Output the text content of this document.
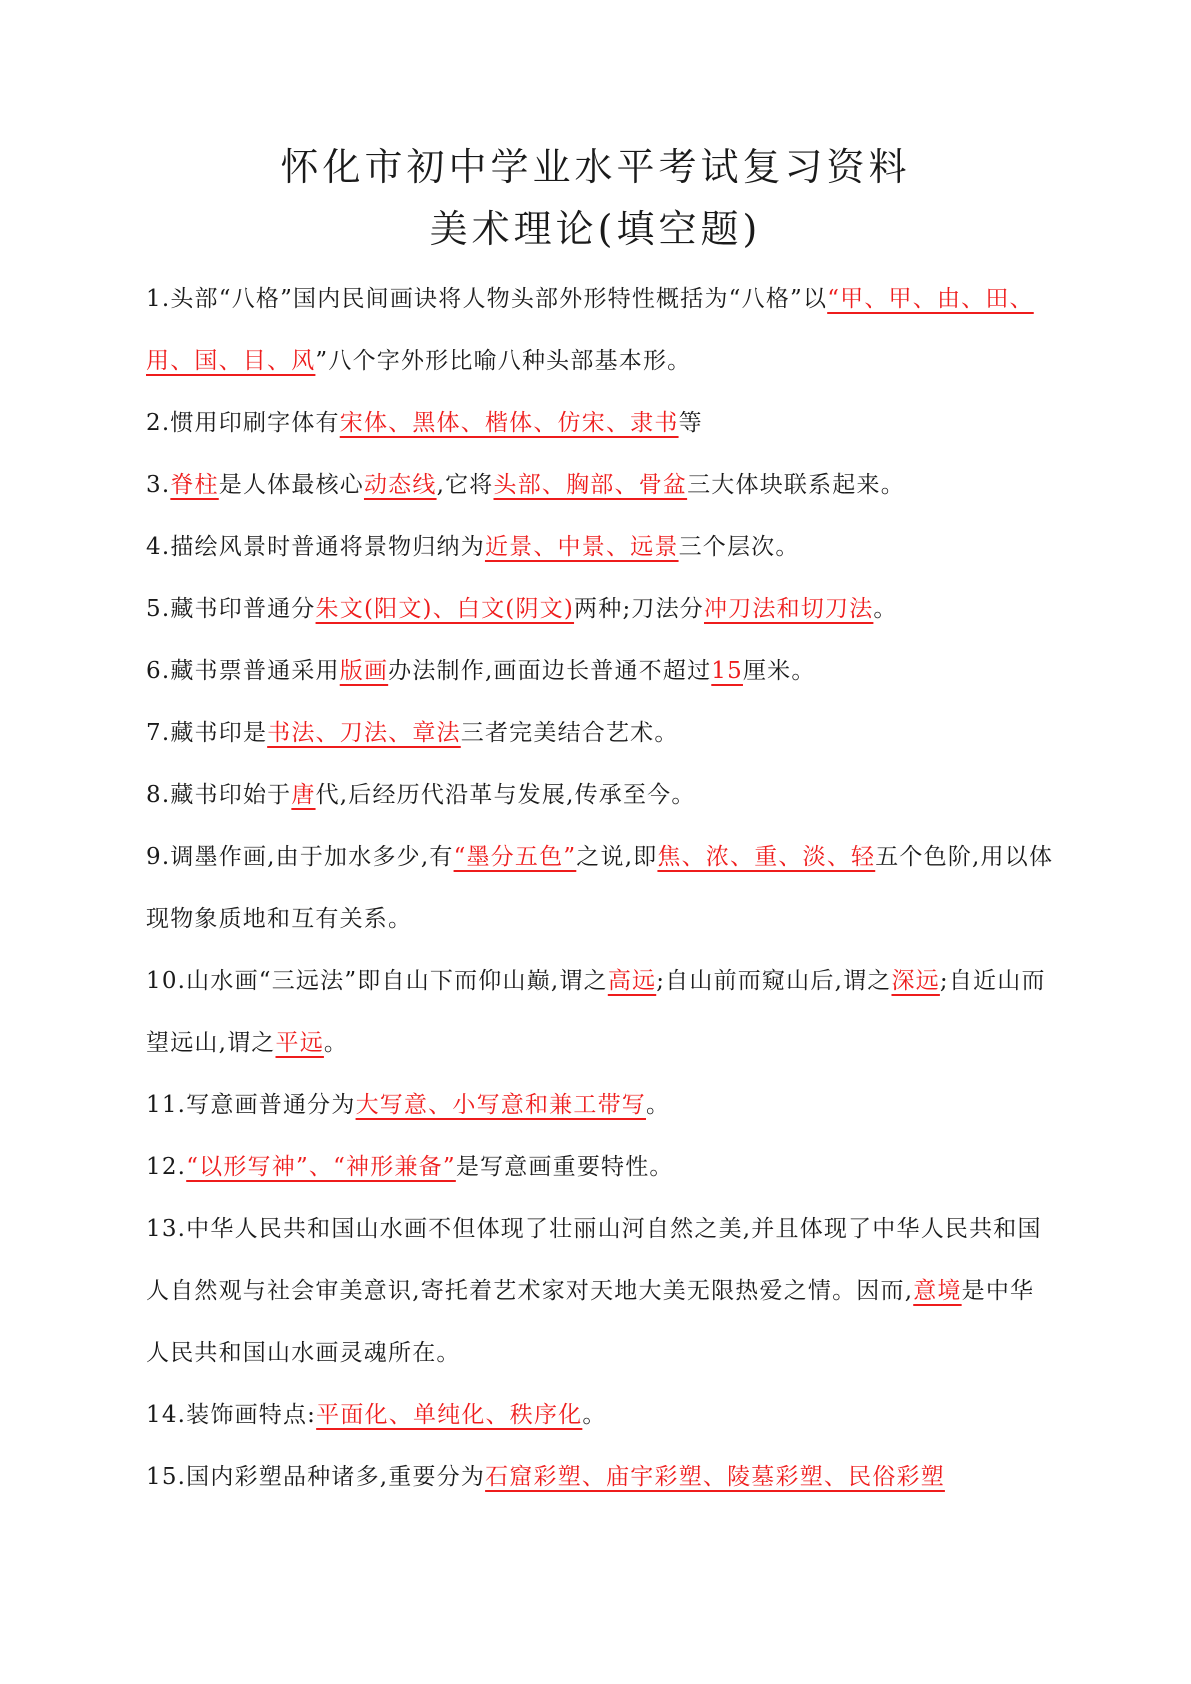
怀化市初中学业水平考试复习资料
美术理论(填空题)

1.头部“八格”国内民间画诀将人物头部外形特性概括为“八格”以“甲、甲、由、田、用、国、目、风”八个字外形比喻八种头部基本形。

2.惯用印刷字体有宋体、黑体、楷体、仿宋、隶书等

3.脊柱是人体最核心动态线,它将头部、胸部、骨盆三大体块联系起来。

4.描绘风景时普通将景物归纳为近景、中景、远景三个层次。

5.藏书印普通分朱文(阳文)、白文(阴文)两种;刀法分冲刀法和切刀法。

6.藏书票普通采用版画办法制作,画面边长普通不超过15厘米。

7.藏书印是书法、刀法、章法三者完美结合艺术。

8.藏书印始于唐代,后经历代沿革与发展,传承至今。

9.调墨作画,由于加水多少,有“墨分五色”之说,即焦、浓、重、淡、轻五个色阶,用以体现物象质地和互有关系。

10.山水画“三远法”即自山下而仰山巅,谓之高远;自山前而窥山后,谓之深远;自近山而望远山,谓之平远。

11.写意画普通分为大写意、小写意和兼工带写。

12.“以形写神”、“神形兼备”是写意画重要特性。

13.中华人民共和国山水画不但体现了壮丽山河自然之美,并且体现了中华人民共和国人自然观与社会审美意识,寄托着艺术家对天地大美无限热爱之情。因而,意境是中华人民共和国山水画灵魂所在。

14.装饰画特点:平面化、单纯化、秩序化。

15.国内彩塑品种诸多,重要分为石窟彩塑、庙宇彩塑、陵墓彩塑、民俗彩塑
